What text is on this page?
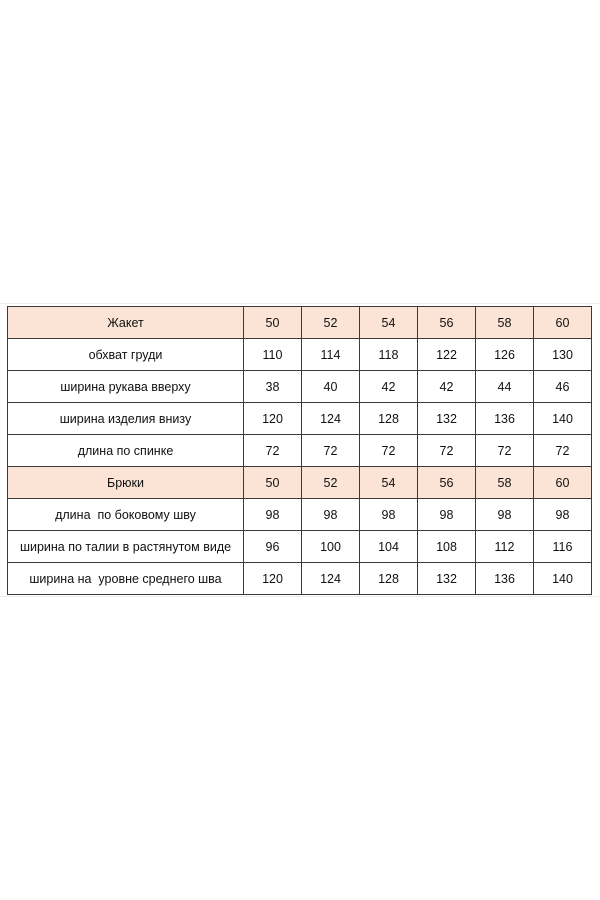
Жакет	50	52	54	56	58	60
обхват груди	110	114	118	122	126	130
ширина рукава вверху	38	40	42	42	44	46
ширина изделия внизу	120	124	128	132	136	140
длина по спинке	72	72	72	72	72	72
Брюки	50	52	54	56	58	60
длина  по боковому шву	98	98	98	98	98	98
ширина по талии в растянутом виде	96	100	104	108	112	116
ширина на  уровне среднего шва	120	124	128	132	136	140
